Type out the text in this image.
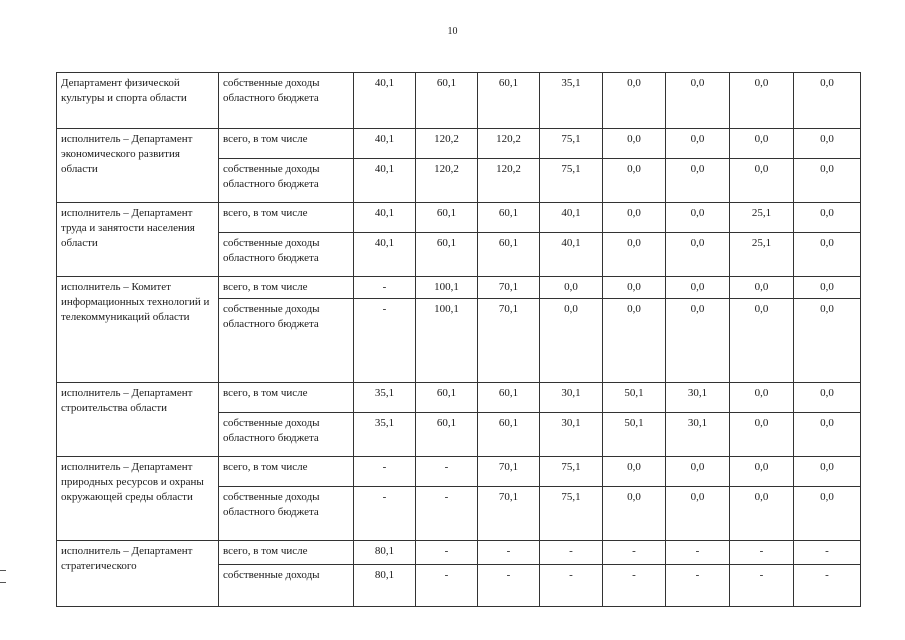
10
Департамент физической культуры и спорта области	собственные доходы областного бюджета	40,1	60,1	60,1	35,1	0,0	0,0	0,0	0,0
исполнитель – Департамент экономического развития области	всего, в том числе	40,1	120,2	120,2	75,1	0,0	0,0	0,0	0,0
	собственные доходы областного бюджета	40,1	120,2	120,2	75,1	0,0	0,0	0,0	0,0
исполнитель – Департамент труда и занятости населения области	всего, в том числе	40,1	60,1	60,1	40,1	0,0	0,0	25,1	0,0
	собственные доходы областного бюджета	40,1	60,1	60,1	40,1	0,0	0,0	25,1	0,0
исполнитель – Комитет информационных технологий и телекоммуникаций области	всего, в том числе	-	100,1	70,1	0,0	0,0	0,0	0,0	0,0
	собственные доходы областного бюджета	-	100,1	70,1	0,0	0,0	0,0	0,0	0,0
исполнитель – Департамент строительства области	всего, в том числе	35,1	60,1	60,1	30,1	50,1	30,1	0,0	0,0
	собственные доходы областного бюджета	35,1	60,1	60,1	30,1	50,1	30,1	0,0	0,0
исполнитель – Департамент природных ресурсов и охраны окружающей среды области	всего, в том числе	-	-	70,1	75,1	0,0	0,0	0,0	0,0
	собственные доходы областного бюджета	-	-	70,1	75,1	0,0	0,0	0,0	0,0
исполнитель – Департамент стратегического	всего, в том числе	80,1	-	-	-	-	-	-	-
	собственные доходы	80,1	-	-	-	-	-	-	-
